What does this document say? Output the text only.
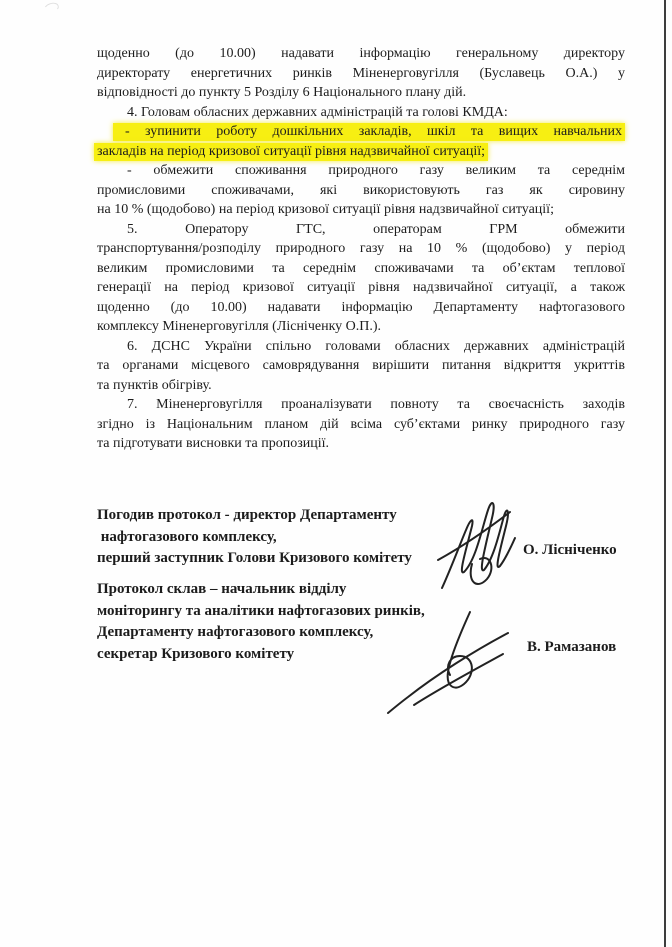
щоденно (до 10.00) надавати інформацію генеральному директору
директорату енергетичних ринків Міненерговугілля (Буславець О.А.) у
відповідності до пункту 5 Розділу 6 Національного плану дій.
4. Головам обласних державних адміністрацій та голові КМДА:
- зупинити роботу дошкільних закладів, шкіл та вищих навчальних
закладів на період кризової ситуації рівня надзвичайної ситуації;
- обмежити споживання природного газу великим та середнім
промисловими споживачами, які використовують газ як сировину
на 10 % (щодобово) на період кризової ситуації рівня надзвичайної ситуації;
5. Оператору ГТС, операторам ГРМ обмежити
транспортування/розподілу природного газу на 10 % (щодобово) у період
великим промисловими та середнім споживачами та об’єктам теплової
генерації на період кризової ситуації рівня надзвичайної ситуації, а також
щоденно (до 10.00) надавати інформацію Департаменту нафтогазового
комплексу Міненерговугілля (Лісніченку О.П.).
6. ДСНС України спільно головами обласних державних адміністрацій
та органами місцевого самоврядування вирішити питання відкриття укриттів
та пунктів обігріву.
7. Міненерговугілля проаналізувати повноту та своєчасність заходів
згідно із Національним планом дій всіма суб’єктами ринку природного газу
та підготувати висновки та пропозиції.
Погодив протокол - директор Департаменту
нафтогазового комплексу,
перший заступник Голови Кризового комітету	О. Лісніченко
Протокол склав – начальник відділу
моніторингу та аналітики нафтогазових ринків,
Департаменту нафтогазового комплексу,
секретар Кризового комітету	В. Рамазанов
